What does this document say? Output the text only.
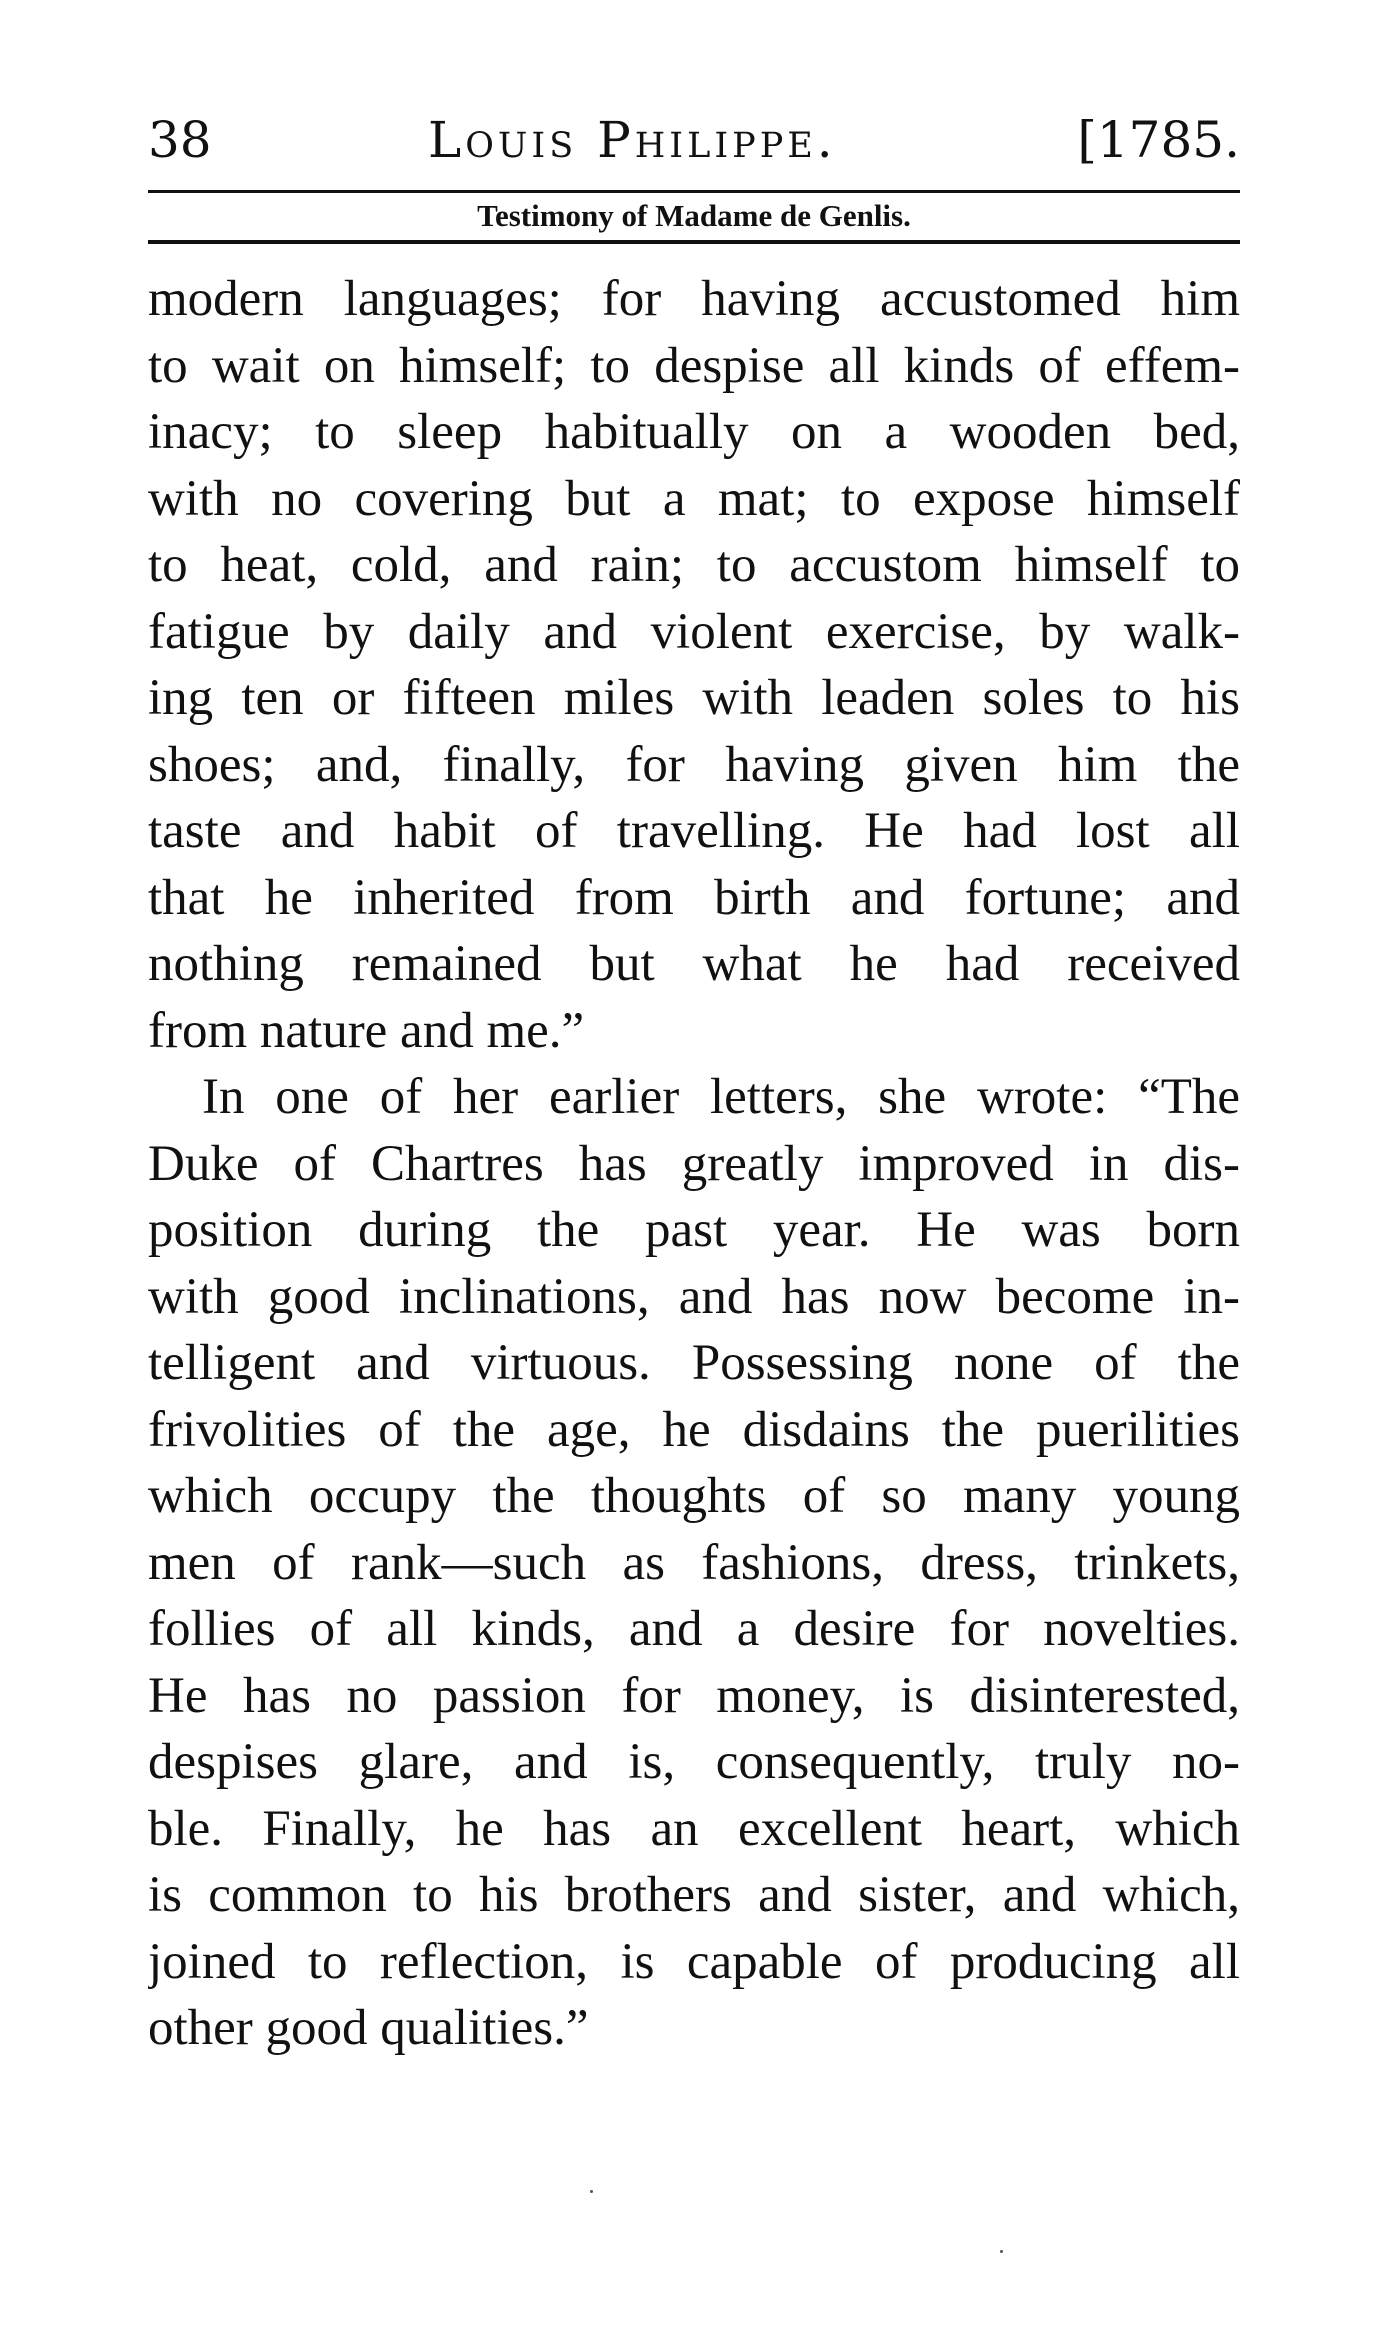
38	Louis Philippe.	[1785.
Testimony of Madame de Genlis.
modern languages; for having accustomed him
to wait on himself; to despise all kinds of effem-
inacy; to sleep habitually on a wooden bed,
with no covering but a mat; to expose himself
to heat, cold, and rain; to accustom himself to
fatigue by daily and violent exercise, by walk-
ing ten or fifteen miles with leaden soles to his
shoes; and, finally, for having given him the
taste and habit of travelling. He had lost all
that he inherited from birth and fortune; and
nothing remained but what he had received
from nature and me.”
In one of her earlier letters, she wrote: “The
Duke of Chartres has greatly improved in dis-
position during the past year. He was born
with good inclinations, and has now become in-
telligent and virtuous. Possessing none of the
frivolities of the age, he disdains the puerilities
which occupy the thoughts of so many young
men of rank—such as fashions, dress, trinkets,
follies of all kinds, and a desire for novelties.
He has no passion for money, is disinterested,
despises glare, and is, consequently, truly no-
ble. Finally, he has an excellent heart, which
is common to his brothers and sister, and which,
joined to reflection, is capable of producing all
other good qualities.”
